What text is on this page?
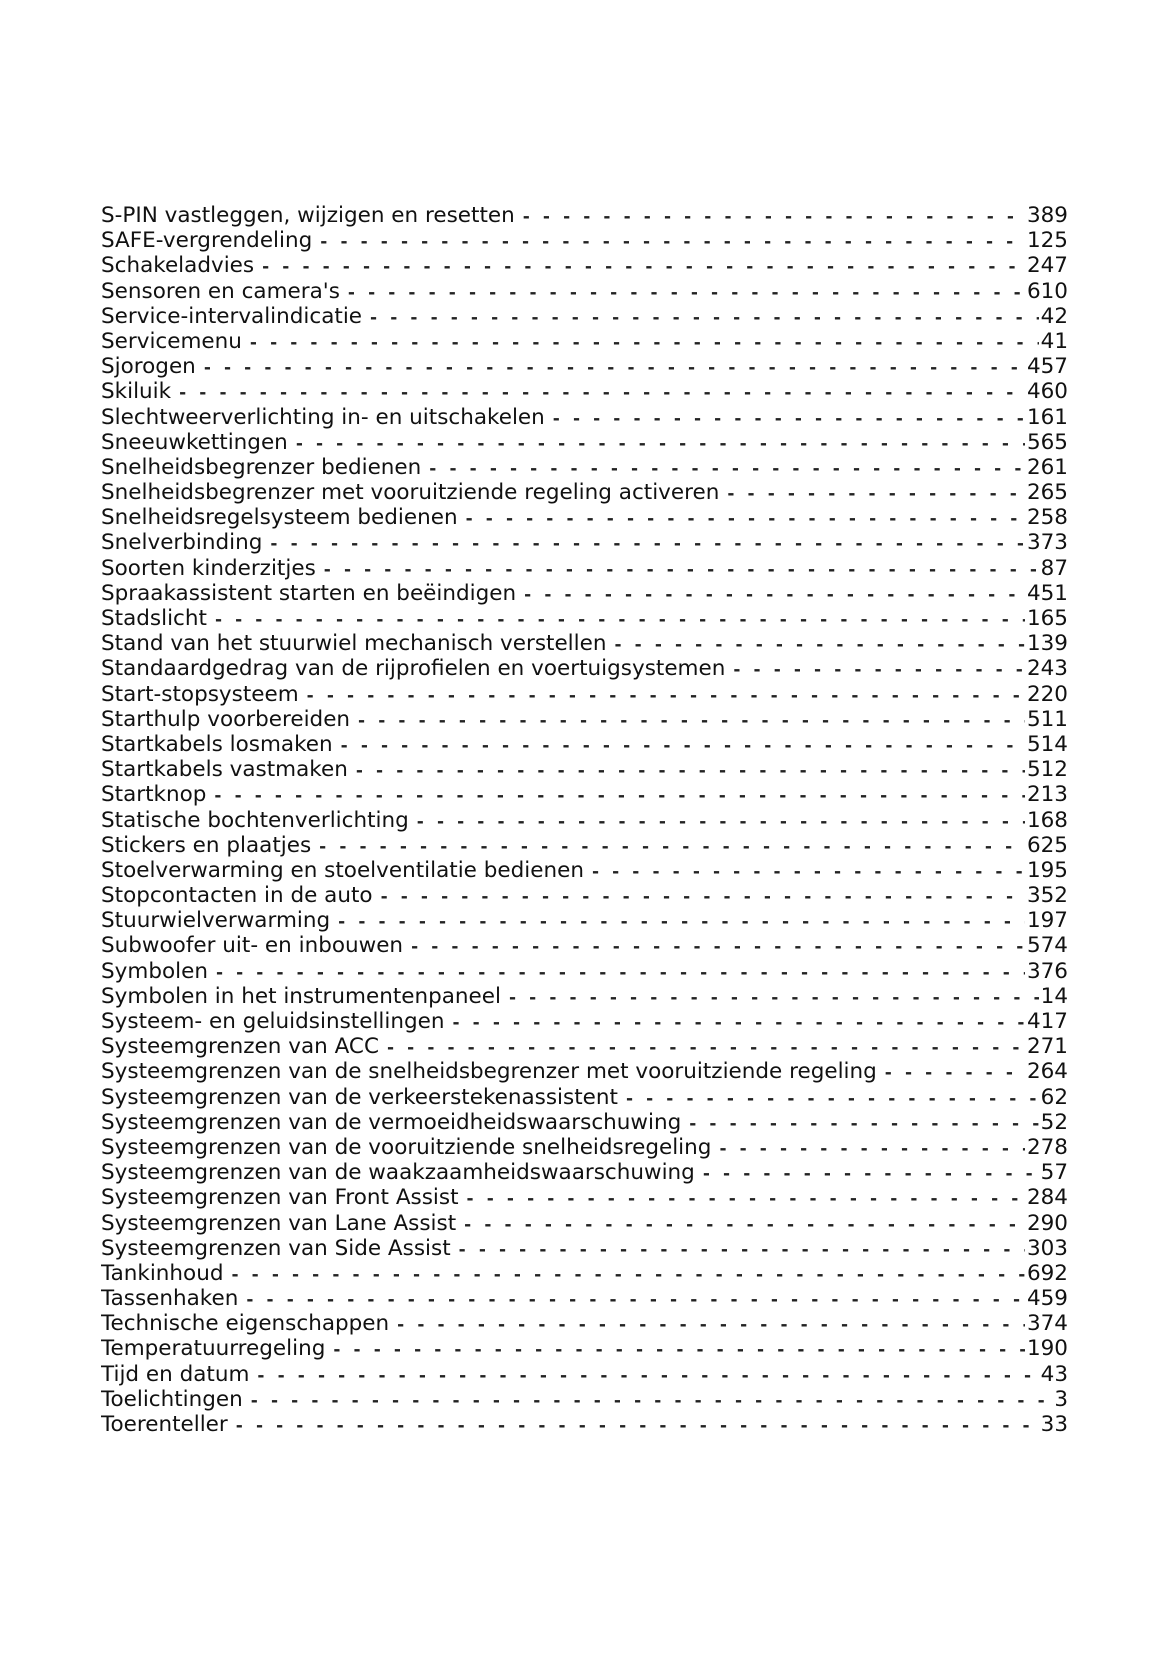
S-PIN vastleggen, wijzigen en resetten - - -	389
SAFE-vergrendeling - - -	125
Schakeladvies - - -	247
Sensoren en camera's - - -	610
Service-intervalindicatie - - -	42
Servicemenu - - -	41
Sjorogen - - -	457
Skiluik - - -	460
Slechtweerverlichting in- en uitschakelen - - -	161
Sneeuwkettingen - - -	565
Snelheidsbegrenzer bedienen - - -	261
Snelheidsbegrenzer met vooruitziende regeling activeren - - -	265
Snelheidsregelsysteem bedienen - - -	258
Snelverbinding - - -	373
Soorten kinderzitjes - - -	87
Spraakassistent starten en beëindigen - - -	451
Stadslicht - - -	165
Stand van het stuurwiel mechanisch verstellen - - -	139
Standaardgedrag van de rijprofielen en voertuigsystemen - - -	243
Start-stopsysteem - - -	220
Starthulp voorbereiden - - -	511
Startkabels losmaken - - -	514
Startkabels vastmaken - - -	512
Startknop - - -	213
Statische bochtenverlichting - - -	168
Stickers en plaatjes - - -	625
Stoelverwarming en stoelventilatie bedienen - - -	195
Stopcontacten in de auto - - -	352
Stuurwielverwarming - - -	197
Subwoofer uit- en inbouwen - - -	574
Symbolen - - -	376
Symbolen in het instrumentenpaneel - - -	14
Systeem- en geluidsinstellingen - - -	417
Systeemgrenzen van ACC - - -	271
Systeemgrenzen van de snelheidsbegrenzer met vooruitziende regeling - - -	264
Systeemgrenzen van de verkeerstekenassistent - - -	62
Systeemgrenzen van de vermoeidheidswaarschuwing - - -	52
Systeemgrenzen van de vooruitziende snelheidsregeling - - -	278
Systeemgrenzen van de waakzaamheidswaarschuwing - - -	57
Systeemgrenzen van Front Assist - - -	284
Systeemgrenzen van Lane Assist - - -	290
Systeemgrenzen van Side Assist - - -	303
Tankinhoud - - -	692
Tassenhaken - - -	459
Technische eigenschappen - - -	374
Temperatuurregeling - - -	190
Tijd en datum - - -	43
Toelichtingen - - -	3
Toerenteller - - -	33
